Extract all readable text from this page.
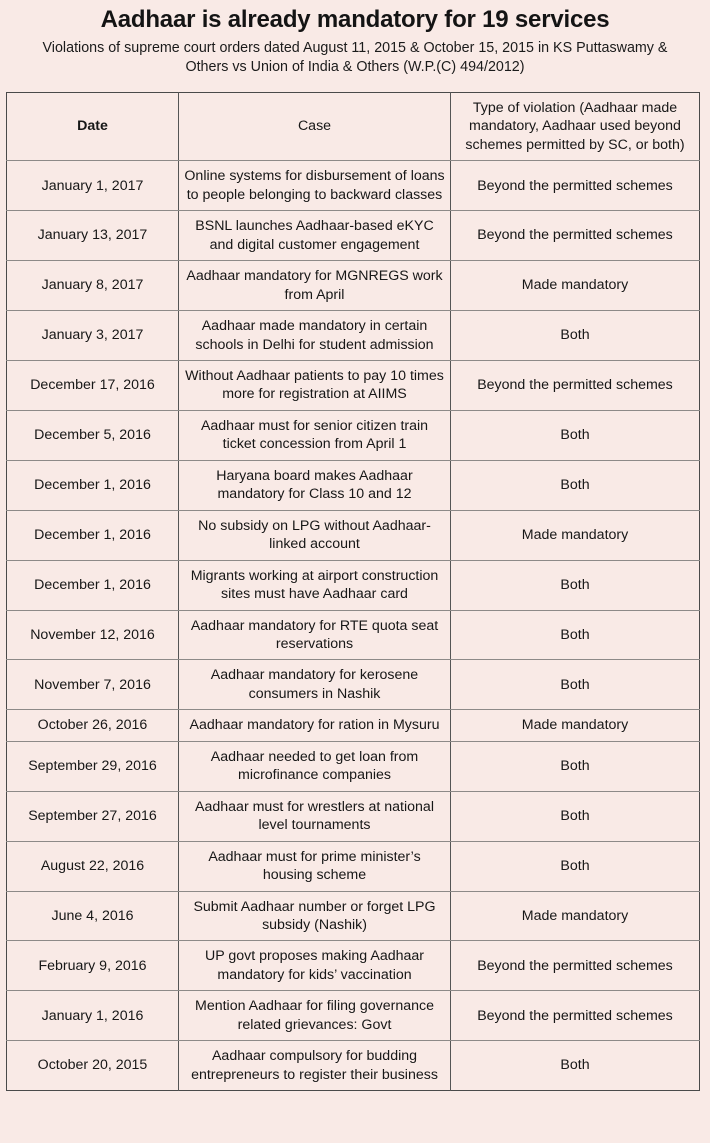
Aadhaar is already mandatory for 19 services
Violations of supreme court orders dated August 11, 2015 & October 15, 2015 in KS Puttaswamy & Others vs Union of India & Others (W.P.(C) 494/2012)
Date	Case	Type of violation (Aadhaar made mandatory, Aadhaar used beyond schemes permitted by SC, or both)
January 1, 2017	Online systems for disbursement of loans to people belonging to backward classes	Beyond the permitted schemes
January 13, 2017	BSNL launches Aadhaar-based eKYC and digital customer engagement	Beyond the permitted schemes
January 8, 2017	Aadhaar mandatory for MGNREGS work from April	Made mandatory
January 3, 2017	Aadhaar made mandatory in certain schools in Delhi for student admission	Both
December 17, 2016	Without Aadhaar patients to pay 10 times more for registration at AIIMS	Beyond the permitted schemes
December 5, 2016	Aadhaar must for senior citizen train ticket concession from April 1	Both
December 1, 2016	Haryana board makes Aadhaar mandatory for Class 10 and 12	Both
December 1, 2016	No subsidy on LPG without Aadhaar-linked account	Made mandatory
December 1, 2016	Migrants working at airport construction sites must have Aadhaar card	Both
November 12, 2016	Aadhaar mandatory for RTE quota seat reservations	Both
November 7, 2016	Aadhaar mandatory for kerosene consumers in Nashik	Both
October 26, 2016	Aadhaar mandatory for ration in Mysuru	Made mandatory
September 29, 2016	Aadhaar needed to get loan from microfinance companies	Both
September 27, 2016	Aadhaar must for wrestlers at national level tournaments	Both
August 22, 2016	Aadhaar must for prime minister’s housing scheme	Both
June 4, 2016	Submit Aadhaar number or forget LPG subsidy (Nashik)	Made mandatory
February 9, 2016	UP govt proposes making Aadhaar mandatory for kids’ vaccination	Beyond the permitted schemes
January 1, 2016	Mention Aadhaar for filing governance related grievances: Govt	Beyond the permitted schemes
October 20, 2015	Aadhaar compulsory for budding entrepreneurs to register their business	Both
